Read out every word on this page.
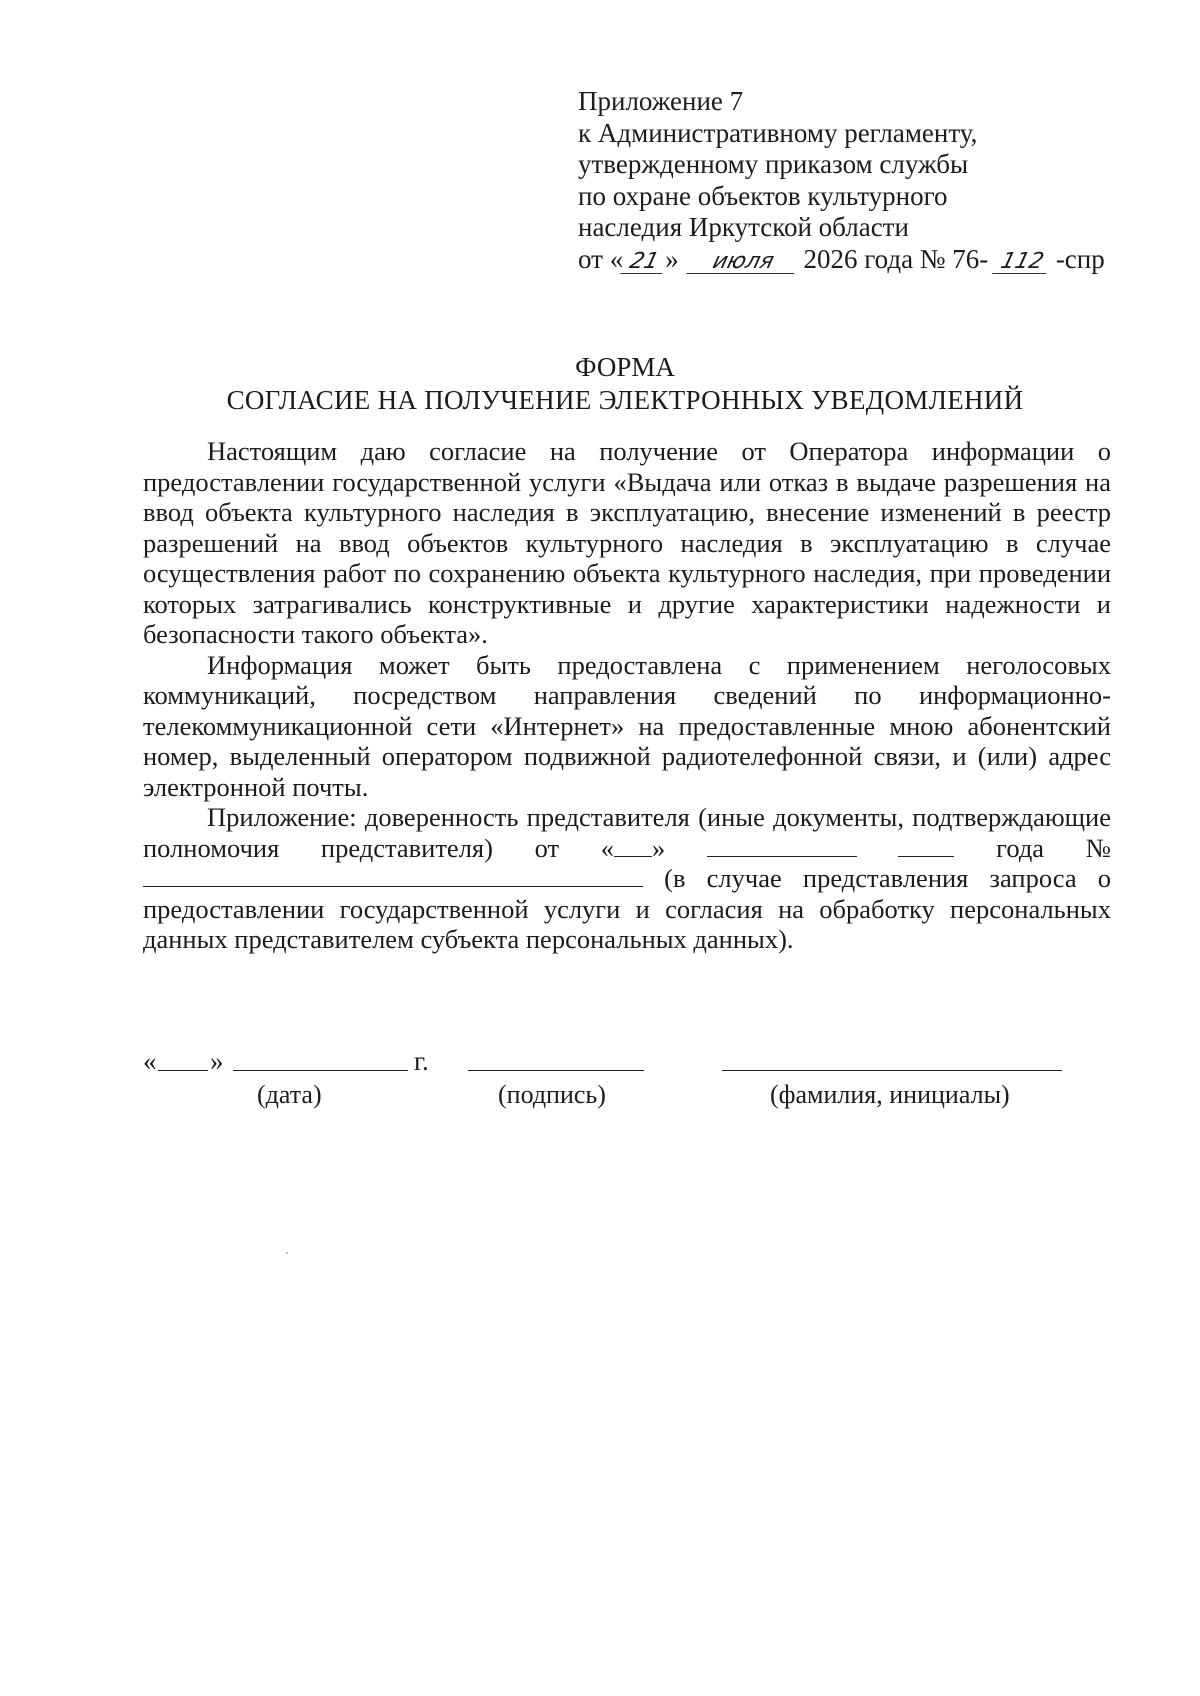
Приложение 7
к Административному регламенту,
утвержденному приказом службы
по охране объектов культурного
наследия Иркутской области
от « 21 » июля 2026 года № 76- 112 -спр
ФОРМА
СОГЛАСИЕ НА ПОЛУЧЕНИЕ ЭЛЕКТРОННЫХ УВЕДОМЛЕНИЙ

Настоящим даю согласие на получение от Оператора информации о предоставлении государственной услуги «Выдача или отказ в выдаче разрешения на ввод объекта культурного наследия в эксплуатацию, внесение изменений в реестр разрешений на ввод объектов культурного наследия в эксплуатацию в случае осуществления работ по сохранению объекта культурного наследия, при проведении которых затрагивались конструктивные и другие характеристики надежности и безопасности такого объекта».

Информация может быть предоставлена с применением неголосовых коммуникаций, посредством направления сведений по информационно-телекоммуникационной сети «Интернет» на предоставленные мною абонентский номер, выделенный оператором подвижной радиотелефонной связи, и (или) адрес электронной почты.

Приложение: доверенность представителя (иные документы, подтверждающие полномочия представителя) от « »	года № (в случае представления запроса о предоставлении государственной услуги и согласия на обработку персональных данных представителем субъекта персональных данных).

« »	г.
(дата)	(подпись)	(фамилия, инициалы)
